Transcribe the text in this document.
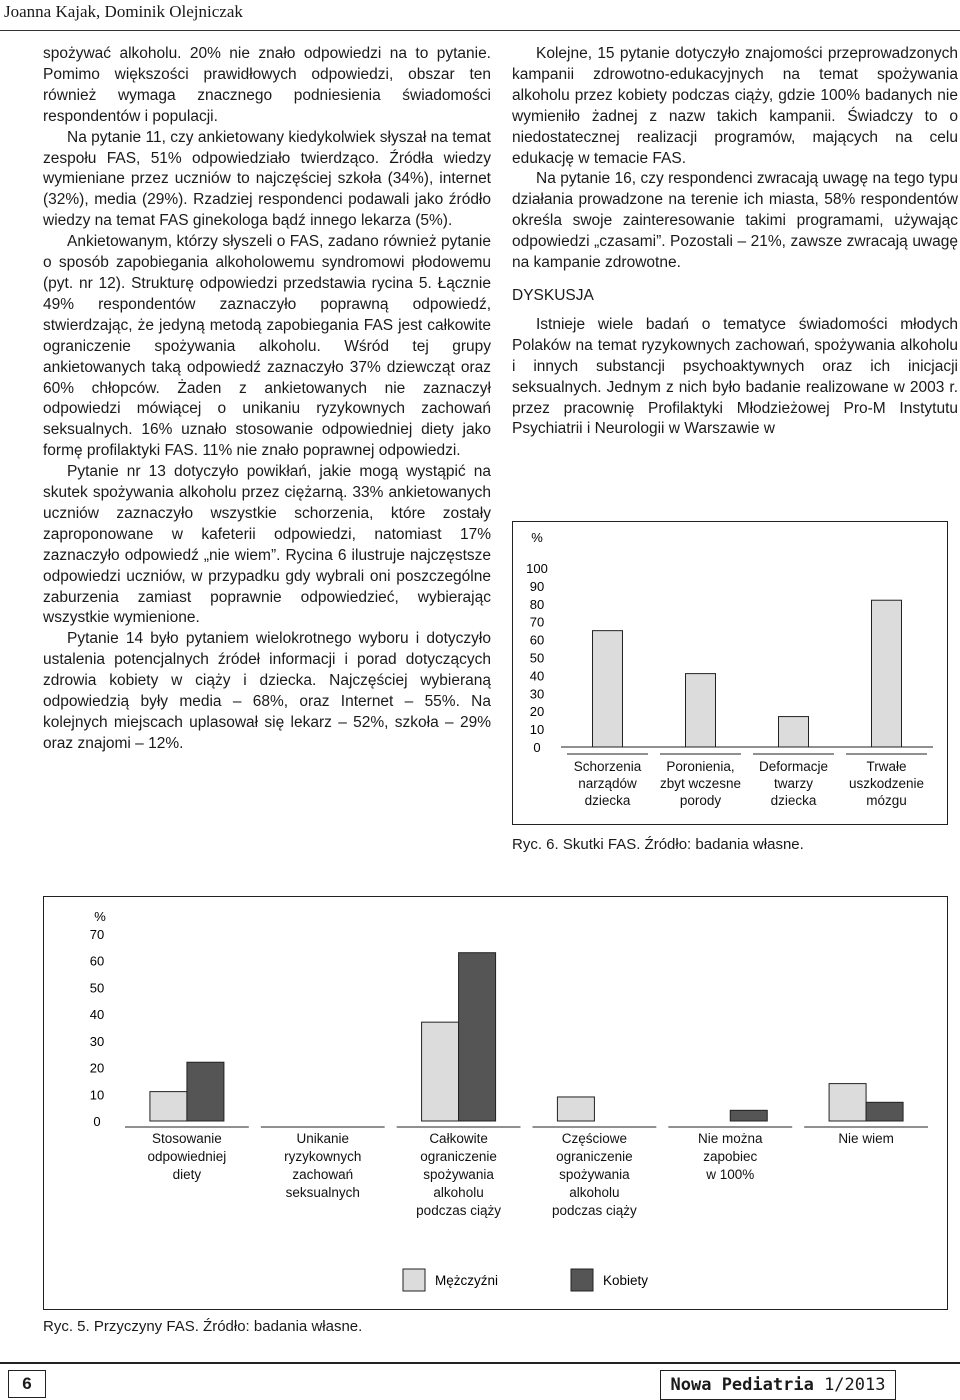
Joanna Kajak, Dominik Olejniczak

spożywać alkoholu. 20% nie znało odpowiedzi na to pytanie. Pomimo większości prawidłowych odpowiedzi, obszar ten również wymaga znacznego podniesienia świadomości respondentów i populacji.

Na pytanie 11, czy ankietowany kiedykolwiek słyszał na temat zespołu FAS, 51% odpowiedziało twierdząco. Źródła wiedzy wymieniane przez uczniów to najczęściej szkoła (34%), internet (32%), media (29%). Rzadziej respondenci podawali jako źródło wiedzy na temat FAS ginekologa bądź innego lekarza (5%).

Ankietowanym, którzy słyszeli o FAS, zadano również pytanie o sposób zapobiegania alkoholowemu syndromowi płodowemu (pyt. nr 12). Strukturę odpowiedzi przedstawia rycina 5. Łącznie 49% respondentów zaznaczyło poprawną odpowiedź, stwierdzając, że jedyną metodą zapobiegania FAS jest całkowite ograniczenie spożywania alkoholu. Wśród tej grupy ankietowanych taką odpowiedź zaznaczyło 37% dziewcząt oraz 60% chłopców. Żaden z ankietowanych nie zaznaczył odpowiedzi mówiącej o unikaniu ryzykownych zachowań seksualnych. 16% uznało stosowanie odpowiedniej diety jako formę profilaktyki FAS. 11% nie znało poprawnej odpowiedzi.

Pytanie nr 13 dotyczyło powikłań, jakie mogą wystąpić na skutek spożywania alkoholu przez ciężarną. 33% ankietowanych uczniów zaznaczyło wszystkie schorzenia, które zostały zaproponowane w kafeterii odpowiedzi, natomiast 17% zaznaczyło odpowiedź „nie wiem”. Rycina 6 ilustruje najczęstsze odpowiedzi uczniów, w przypadku gdy wybrali oni poszczególne zaburzenia zamiast poprawnie odpowiedzieć, wybierając wszystkie wymienione.

Pytanie 14 było pytaniem wielokrotnego wyboru i dotyczyło ustalenia potencjalnych źródeł informacji i porad dotyczących zdrowia kobiety w ciąży i dziecka. Najczęściej wybieraną odpowiedzią były media – 68%, oraz Internet – 55%. Na kolejnych miejscach uplasował się lekarz – 52%, szkoła – 29% oraz znajomi – 12%.

Kolejne, 15 pytanie dotyczyło znajomości przeprowadzonych kampanii zdrowotno-edukacyjnych na temat spożywania alkoholu przez kobiety podczas ciąży, gdzie 100% badanych nie wymieniło żadnej z nazw takich kampanii. Świadczy to o niedostatecznej realizacji programów, mających na celu edukację w temacie FAS.

Na pytanie 16, czy respondenci zwracają uwagę na tego typu działania prowadzone na terenie ich miasta, 58% respondentów określa swoje zainteresowanie takimi programami, używając odpowiedzi „czasami”. Pozostali – 21%, zawsze zwracają uwagę na kampanie zdrowotne.

DYSKUSJA

Istnieje wiele badań o tematyce świadomości młodych Polaków na temat ryzykownych zachowań, spożywania alkoholu i innych substancji psychoaktywnych oraz ich inicjacji seksualnych. Jednym z nich było badanie realizowane w 2003 r. przez pracownię Profilaktyki Młodzieżowej Pro-M Instytutu Psychiatrii i Neurologii w Warszawie w

%
0
10
20
30
40
50
60
70
80
90
100
Schorzenia narządów dziecka
Poronienia, zbyt wczesne porody
Deformacje twarzy dziecka
Trwałe uszkodzenie mózgu
Ryc. 6. Skutki FAS. Źródło: badania własne.
%
0
10
20
30
40
50
60
70
Stosowanie odpowiedniej diety
Unikanie ryzykownych zachowań seksualnych
Całkowite ograniczenie spożywania alkoholu podczas ciąży
Częściowe ograniczenie spożywania alkoholu podczas ciąży
Nie można zapobiec w 100%
Nie wiem
Mężczyźni	Kobiety
Ryc. 5. Przyczyny FAS. Źródło: badania własne.
6	Nowa Pediatria 1/2013
